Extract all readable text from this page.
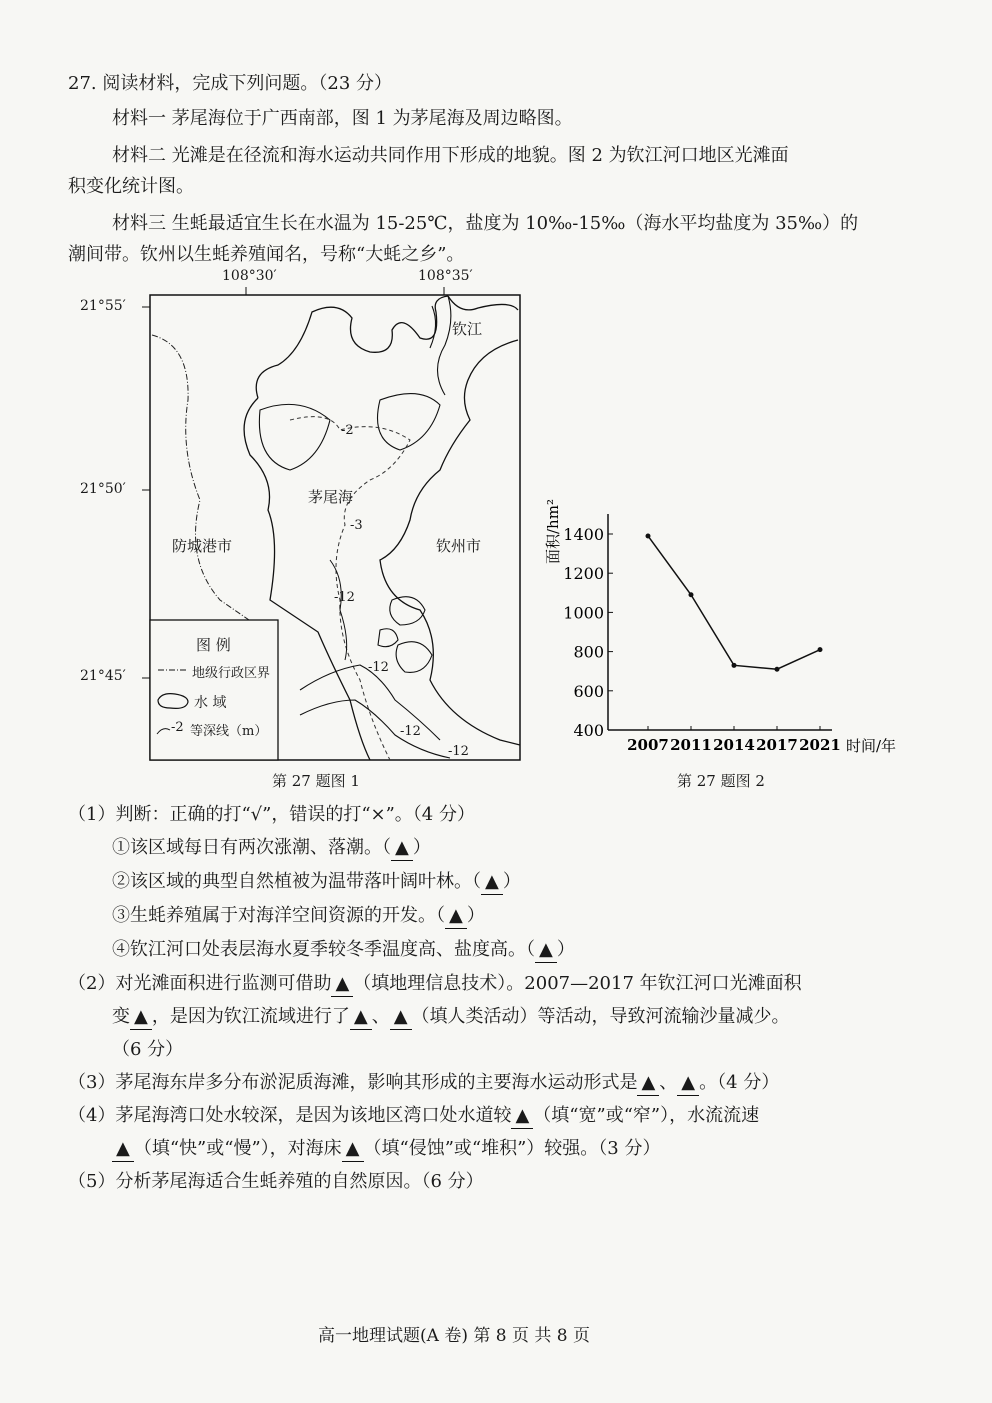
27. 阅读材料，完成下列问题。（23 分）
材料一 茅尾海位于广西南部，图 1 为茅尾海及周边略图。
材料二 光滩是在径流和海水运动共同作用下形成的地貌。图 2 为钦江河口地区光滩面
积变化统计图。
材料三 生蚝最适宜生长在水温为 15-25℃，盐度为 10‰-15‰（海水平均盐度为 35‰）的
潮间带。钦州以生蚝养殖闻名，号称“大蚝之乡”。
108°30′	108°35′
21°55′
21°50′
21°45′
钦江
茅尾海
防城港市	钦州市
-2
-3
-12
-12
-12
-12
图 例
地级行政区界
水 域
-2 等深线（m）
第 27 题图 1
400
600
800
1000
1200
1400
2007 2011 2014 2017 2021 时间/年
面积/hm²
第 27 题图 2
（1）判断：正确的打“√”，错误的打“×”。（4 分）
①该区域每日有两次涨潮、落潮。（ ▲ ）
②该区域的典型自然植被为温带落叶阔叶林。（ ▲ ）
③生蚝养殖属于对海洋空间资源的开发。（ ▲ ）
④钦江河口处表层海水夏季较冬季温度高、盐度高。（ ▲ ）
（2）对光滩面积进行监测可借助 ▲ （填地理信息技术）。2007—2017 年钦江河口光滩面积
变 ▲ ，是因为钦江流域进行了 ▲ 、 ▲ （填人类活动）等活动，导致河流输沙量减少。
（6 分）
（3）茅尾海东岸多分布淤泥质海滩，影响其形成的主要海水运动形式是 ▲ 、 ▲ 。（4 分）
（4）茅尾海湾口处水较深，是因为该地区湾口处水道较 ▲ （填“宽”或“窄”），水流流速
▲ （填“快”或“慢”），对海床 ▲ （填“侵蚀”或“堆积”）较强。（3 分）
（5）分析茅尾海适合生蚝养殖的自然原因。（6 分）
高一地理试题(A 卷) 第 8 页 共 8 页
